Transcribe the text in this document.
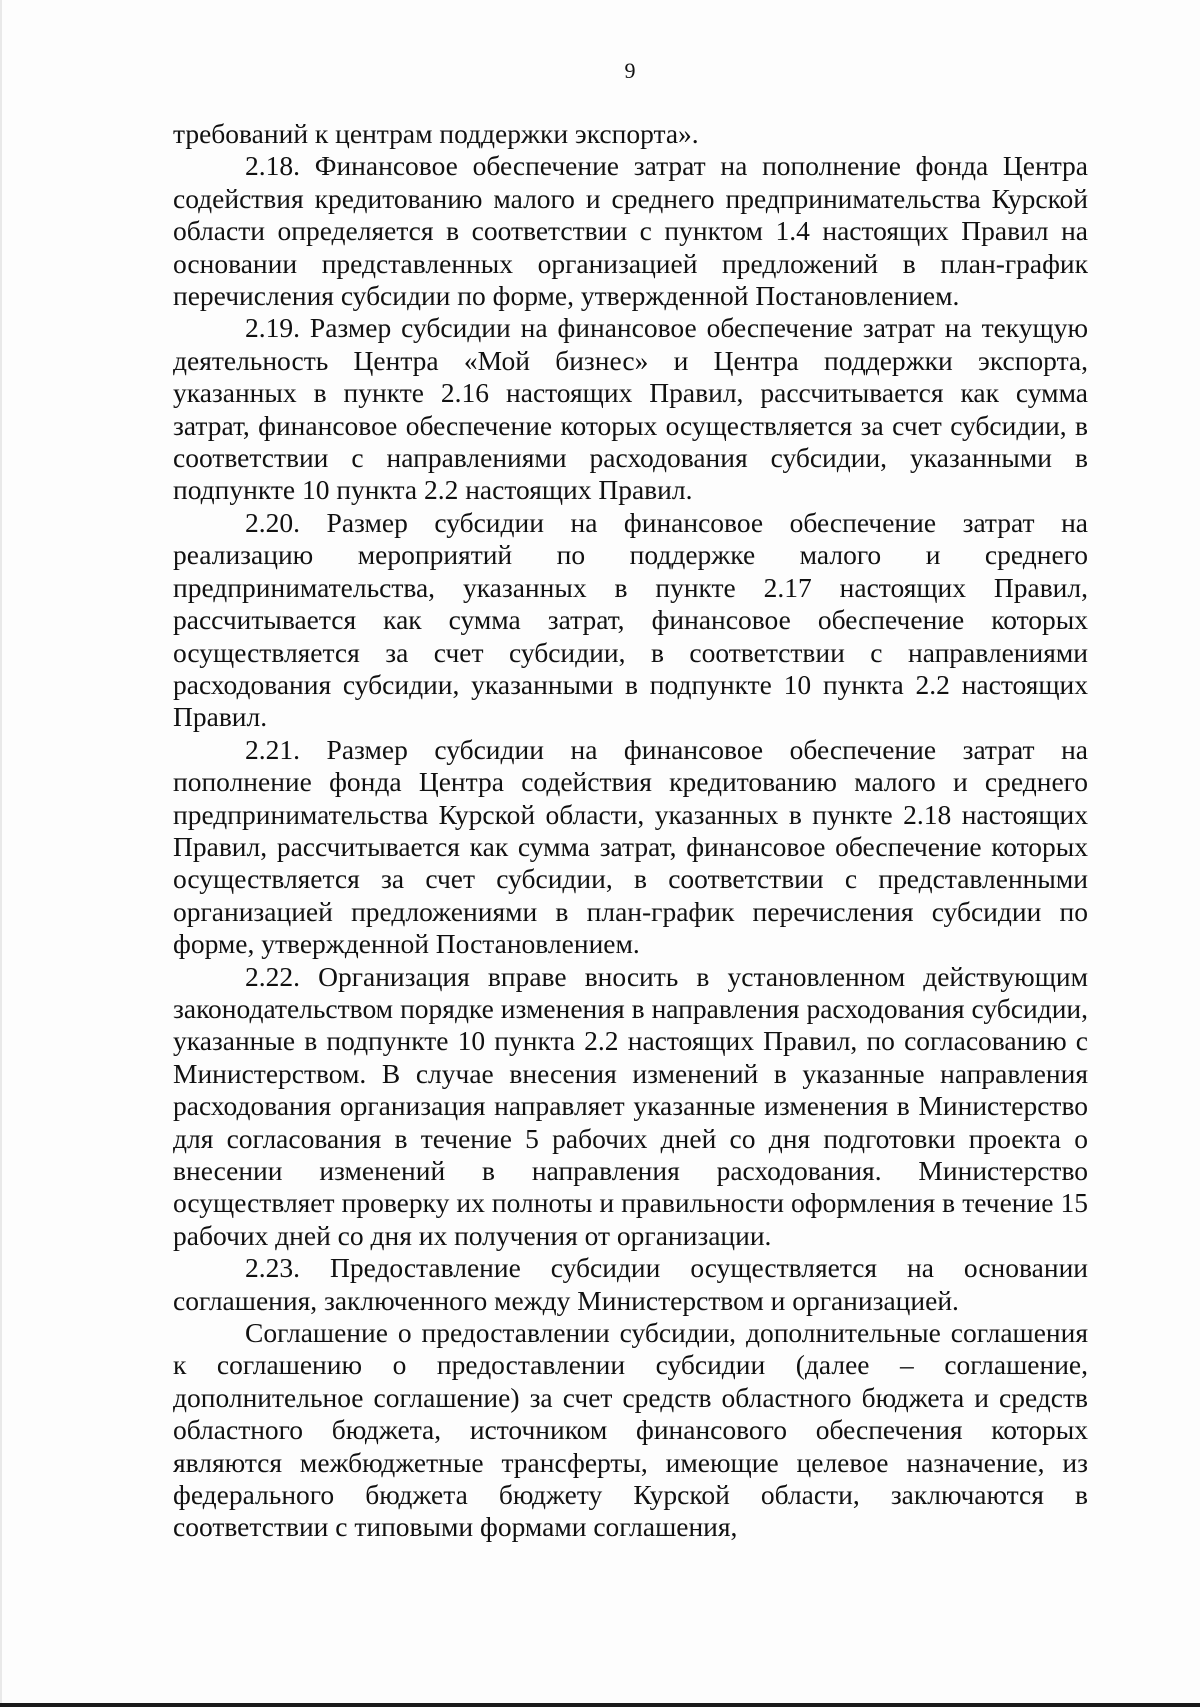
9

требований к центрам поддержки экспорта».

2.18. Финансовое обеспечение затрат на пополнение фонда Центра содействия кредитованию малого и среднего предпринимательства Курской области определяется в соответствии с пунктом 1.4 настоящих Правил на основании представленных организацией предложений в план-график перечисления субсидии по форме, утвержденной Постановлением.

2.19. Размер субсидии на финансовое обеспечение затрат на текущую деятельность Центра «Мой бизнес» и Центра поддержки экспорта, указанных в пункте 2.16 настоящих Правил, рассчитывается как сумма затрат, финансовое обеспечение которых осуществляется за счет субсидии, в соответствии с направлениями расходования субсидии, указанными в подпункте 10 пункта 2.2 настоящих Правил.

2.20. Размер субсидии на финансовое обеспечение затрат на реализацию мероприятий по поддержке малого и среднего предпринимательства, указанных в пункте 2.17 настоящих Правил, рассчитывается как сумма затрат, финансовое обеспечение которых осуществляется за счет субсидии, в соответствии с направлениями расходования субсидии, указанными в подпункте 10 пункта 2.2 настоящих Правил.

2.21. Размер субсидии на финансовое обеспечение затрат на пополнение фонда Центра содействия кредитованию малого и среднего предпринимательства Курской области, указанных в пункте 2.18 настоящих Правил, рассчитывается как сумма затрат, финансовое обеспечение которых осуществляется за счет субсидии, в соответствии с представленными организацией предложениями в план-график перечисления субсидии по форме, утвержденной Постановлением.

2.22. Организация вправе вносить в установленном действующим законодательством порядке изменения в направления расходования субсидии, указанные в подпункте 10 пункта 2.2 настоящих Правил, по согласованию с Министерством. В случае внесения изменений в указанные направления расходования организация направляет указанные изменения в Министерство для согласования в течение 5 рабочих дней со дня подготовки проекта о внесении изменений в направления расходования. Министерство осуществляет проверку их полноты и правильности оформления в течение 15 рабочих дней со дня их получения от организации.

2.23. Предоставление субсидии осуществляется на основании соглашения, заключенного между Министерством и организацией.

Соглашение о предоставлении субсидии, дополнительные соглашения к соглашению о предоставлении субсидии (далее – соглашение, дополнительное соглашение) за счет средств областного бюджета и средств областного бюджета, источником финансового обеспечения которых являются межбюджетные трансферты, имеющие целевое назначение, из федерального бюджета бюджету Курской области, заключаются в соответствии с типовыми формами соглашения,
